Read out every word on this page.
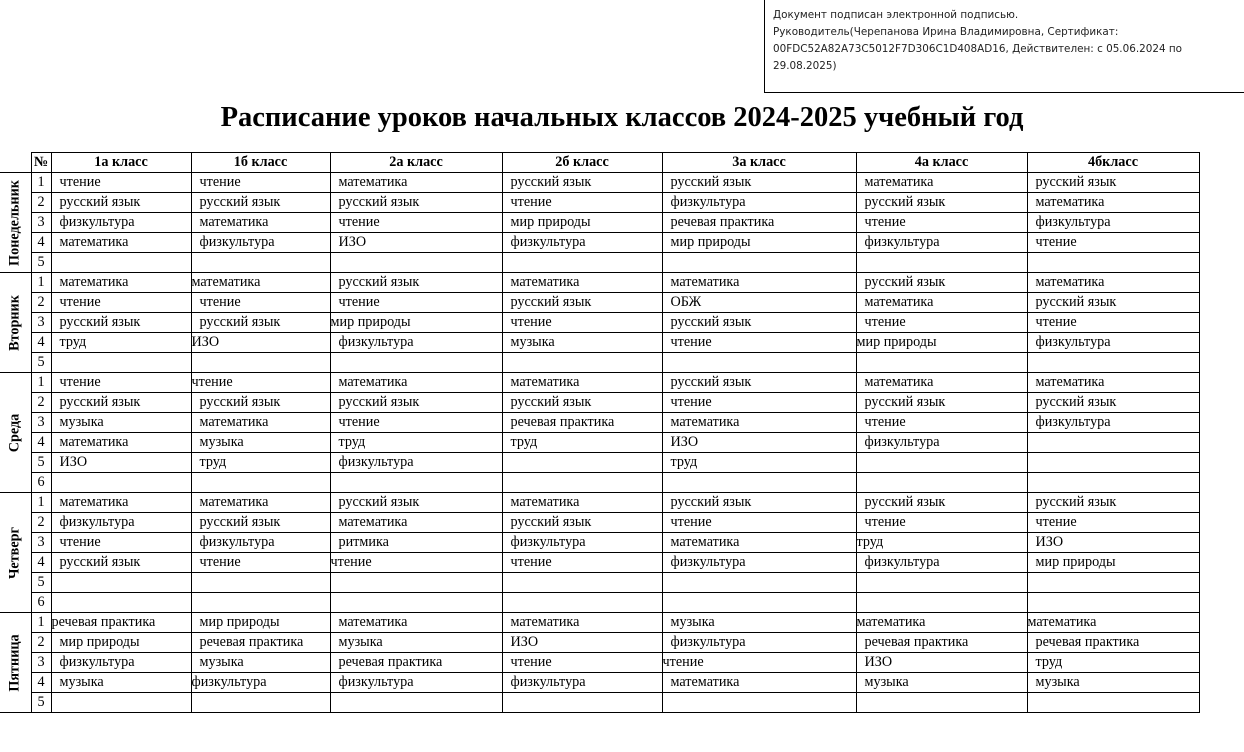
Документ подписан электронной подписью.
Руководитель(Черепанова Ирина Владимировна, Сертификат:
00FDC52A82A73C5012F7D306C1D408AD16, Действителен: с 05.06.2024 по
29.08.2025)
Расписание уроков начальных классов 2024-2025 учебный год
	№	1а класс	1б класс	2а класс	2б класс	3а класс	4а класс	4бкласс

Понедельник	1	чтение	чтение	математика	русский язык	русский язык	математика	русский язык
	2	русский язык	русский язык	русский язык	чтение	физкультура	русский язык	математика
	3	физкультура	математика	чтение	мир природы	речевая практика	чтение	физкультура
	4	математика	физкультура	ИЗО	физкультура	мир природы	физкультура	чтение
	5							

Вторник	1	математика	математика	русский язык	математика	математика	русский язык	математика
	2	чтение	чтение	чтение	русский язык	ОБЖ	математика	русский язык
	3	русский язык	русский язык	мир природы	чтение	русский язык	чтение	чтение
	4	труд	ИЗО	физкультура	музыка	чтение	мир природы	физкультура
	5							

Среда	1	чтение	чтение	математика	математика	русский язык	математика	математика
	2	русский язык	русский язык	русский язык	русский язык	чтение	русский язык	русский язык
	3	музыка	математика	чтение	речевая практика	математика	чтение	физкультура
	4	математика	музыка	труд	труд	ИЗО	физкультура	
	5	ИЗО	труд	физкультура		труд		
	6							

Четверг	1	математика	математика	русский язык	математика	русский язык	русский язык	русский язык
	2	физкультура	русский язык	математика	русский язык	чтение	чтение	чтение
	3	чтение	физкультура	ритмика	физкультура	математика	труд	ИЗО
	4	русский язык	чтение	чтение	чтение	физкультура	физкультура	мир природы
	5							
	6							

Пятница	1	речевая практика	мир природы	математика	математика	музыка	математика	математика
	2	мир природы	речевая практика	музыка	ИЗО	физкультура	речевая практика	речевая практика
	3	физкультура	музыка	речевая практика	чтение	чтение	ИЗО	труд
	4	музыка	физкультура	физкультура	физкультура	математика	музыка	музыка
	5							
